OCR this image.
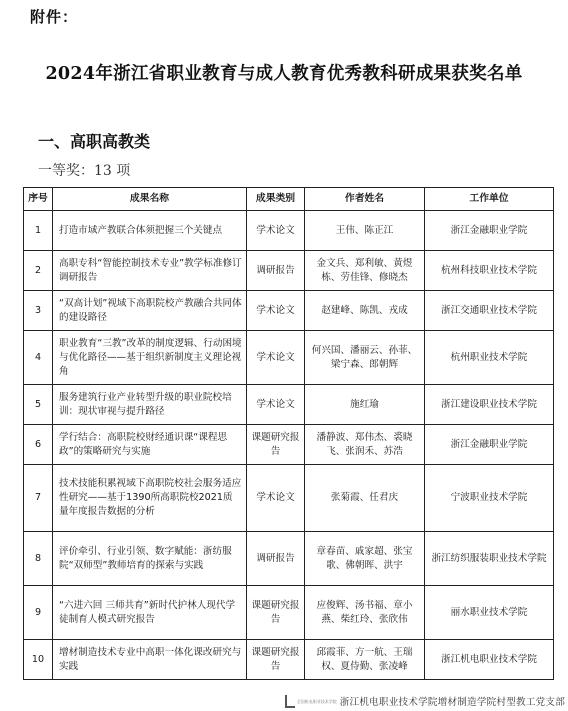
附件：
2024年浙江省职业教育与成人教育优秀教科研成果获奖名单
一、高职高教类
一等奖：13 项
序号	成果名称	成果类别	作者姓名	工作单位
1	打造市域产教联合体须把握三个关键点	学术论文	王伟、陈正江	浙江金融职业学院
2	高职专科“智能控制技术专业”教学标准修订调研报告	调研报告	金文兵、郑利敏、黄煜栋、劳佳锋、修晓杰	杭州科技职业技术学院
3	“双高计划”视域下高职院校产教融合共同体的建设路径	学术论文	赵建峰、陈凯、戎成	浙江交通职业技术学院
4	职业教育“三教”改革的制度逻辑、行动困境与优化路径——基于组织新制度主义理论视角	学术论文	何兴国、潘丽云、孙菲、梁宁森、郎朝辉	杭州职业技术学院
5	服务建筑行业产业转型升级的职业院校培训：现状审视与提升路径	学术论文	施红瑜	浙江建设职业技术学院
6	学行结合：高职院校财经通识课“课程思政”的策略研究与实施	课题研究报告	潘静波、郑伟杰、裘晓飞、张润禾、苏浩	浙江金融职业学院
7	技术技能积累视域下高职院校社会服务适应性研究——基于1390所高职院校2021质量年度报告数据的分析	学术论文	张菊霞、任君庆	宁波职业技术学院
8	评价牵引、行业引领、数字赋能：浙纺服院“双师型”教师培育的探索与实践	调研报告	章春苗、戚家超、张宝歌、佛朝晖、洪宇	浙江纺织服装职业技术学院
9	“六进六回 三师共育”新时代护林人现代学徒制育人模式研究报告	课题研究报告	应俊辉、汤书福、章小燕、柴红玲、张欣伟	丽水职业技术学院
10	增材制造技术专业中高职一体化课改研究与实践	课题研究报告	邱霞菲、方一航、王瑞权、夏侍勤、张凌峰	浙江机电职业技术学院
全国机电职业技术学院 浙江机电职业技术学院增材制造学院村型教工党支部
